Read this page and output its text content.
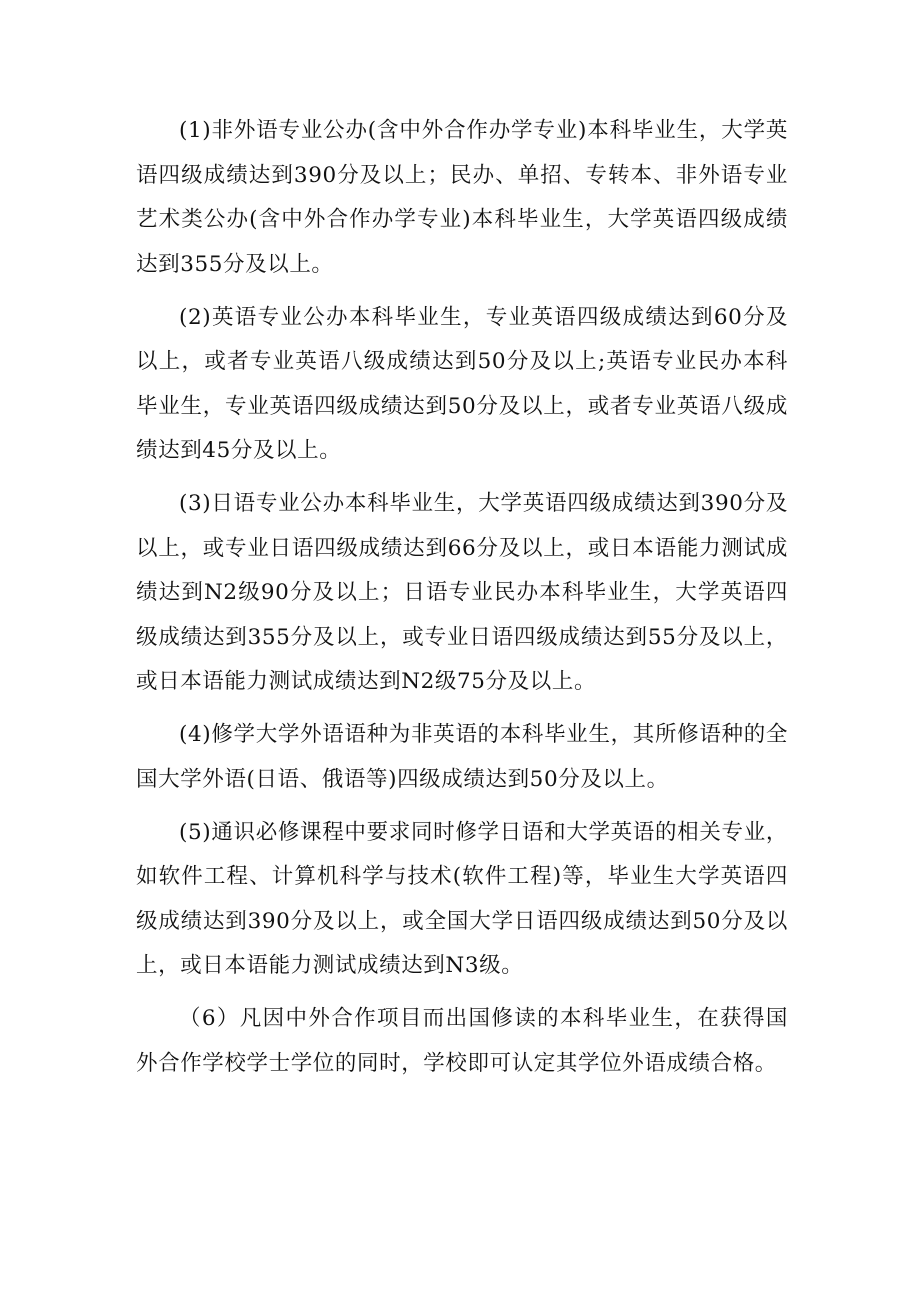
(1)非外语专业公办(含中外合作办学专业)本科毕业生，大学英语四级成绩达到390分及以上；民办、单招、专转本、非外语专业艺术类公办(含中外合作办学专业)本科毕业生，大学英语四级成绩达到355分及以上。

(2)英语专业公办本科毕业生，专业英语四级成绩达到60分及以上，或者专业英语八级成绩达到50分及以上;英语专业民办本科毕业生，专业英语四级成绩达到50分及以上，或者专业英语八级成绩达到45分及以上。

(3)日语专业公办本科毕业生，大学英语四级成绩达到390分及以上，或专业日语四级成绩达到66分及以上，或日本语能力测试成绩达到N2级90分及以上；日语专业民办本科毕业生，大学英语四级成绩达到355分及以上，或专业日语四级成绩达到55分及以上，或日本语能力测试成绩达到N2级75分及以上。

(4)修学大学外语语种为非英语的本科毕业生，其所修语种的全国大学外语(日语、俄语等)四级成绩达到50分及以上。

(5)通识必修课程中要求同时修学日语和大学英语的相关专业，如软件工程、计算机科学与技术(软件工程)等，毕业生大学英语四级成绩达到390分及以上，或全国大学日语四级成绩达到50分及以上，或日本语能力测试成绩达到N3级。

（6）凡因中外合作项目而出国修读的本科毕业生，在获得国外合作学校学士学位的同时，学校即可认定其学位外语成绩合格。
